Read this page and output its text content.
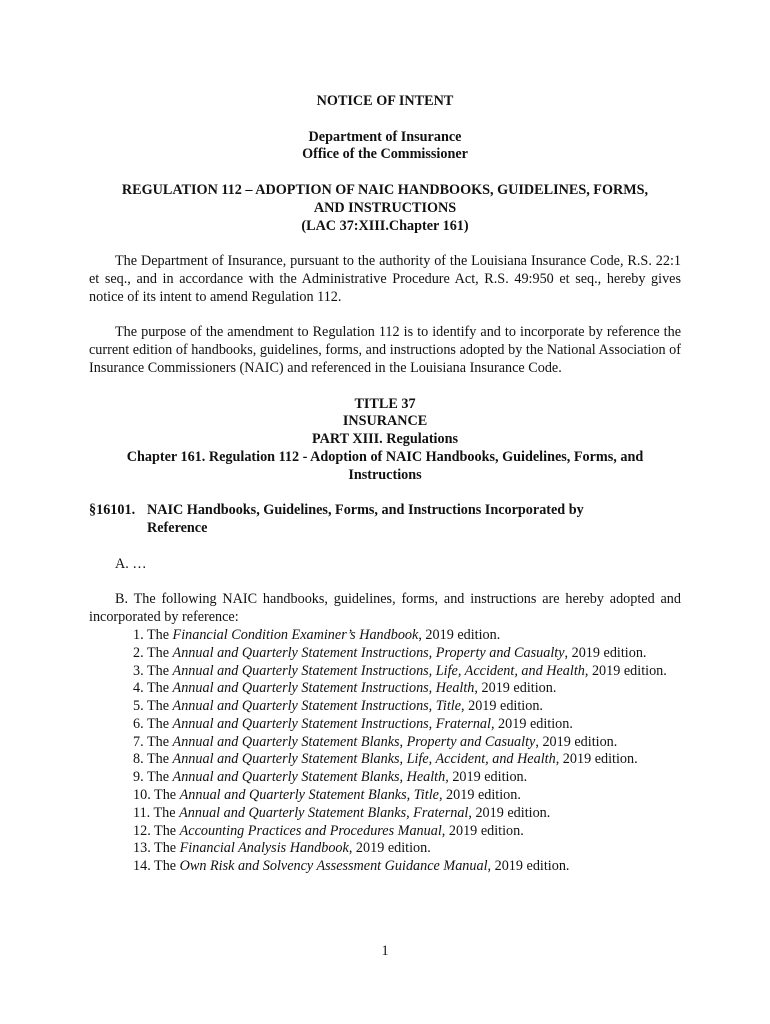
NOTICE OF INTENT

Department of Insurance

Office of the Commissioner

REGULATION 112 – ADOPTION OF NAIC HANDBOOKS, GUIDELINES, FORMS,

AND INSTRUCTIONS

(LAC 37:XIII.Chapter 161)

The Department of Insurance, pursuant to the authority of the Louisiana Insurance Code, R.S. 22:1 et seq., and in accordance with the Administrative Procedure Act, R.S. 49:950 et seq., hereby gives notice of its intent to amend Regulation 112.

The purpose of the amendment to Regulation 112 is to identify and to incorporate by reference the current edition of handbooks, guidelines, forms, and instructions adopted by the National Association of Insurance Commissioners (NAIC) and referenced in the Louisiana Insurance Code.

TITLE 37

INSURANCE

PART XIII. Regulations

Chapter 161. Regulation 112 - Adoption of NAIC Handbooks, Guidelines, Forms, and

Instructions

§16101. NAIC Handbooks, Guidelines, Forms, and Instructions Incorporated by
Reference

A. …

B. The following NAIC handbooks, guidelines, forms, and instructions are hereby adopted and incorporated by reference:

1. The Financial Condition Examiner’s Handbook, 2019 edition.

2. The Annual and Quarterly Statement Instructions, Property and Casualty, 2019 edition.

3. The Annual and Quarterly Statement Instructions, Life, Accident, and Health, 2019 edition.

4. The Annual and Quarterly Statement Instructions, Health, 2019 edition.

5. The Annual and Quarterly Statement Instructions, Title, 2019 edition.

6. The Annual and Quarterly Statement Instructions, Fraternal, 2019 edition.

7. The Annual and Quarterly Statement Blanks, Property and Casualty, 2019 edition.

8. The Annual and Quarterly Statement Blanks, Life, Accident, and Health, 2019 edition.

9. The Annual and Quarterly Statement Blanks, Health, 2019 edition.

10. The Annual and Quarterly Statement Blanks, Title, 2019 edition.

11. The Annual and Quarterly Statement Blanks, Fraternal, 2019 edition.

12. The Accounting Practices and Procedures Manual, 2019 edition.

13. The Financial Analysis Handbook, 2019 edition.

14. The Own Risk and Solvency Assessment Guidance Manual, 2019 edition.

1
